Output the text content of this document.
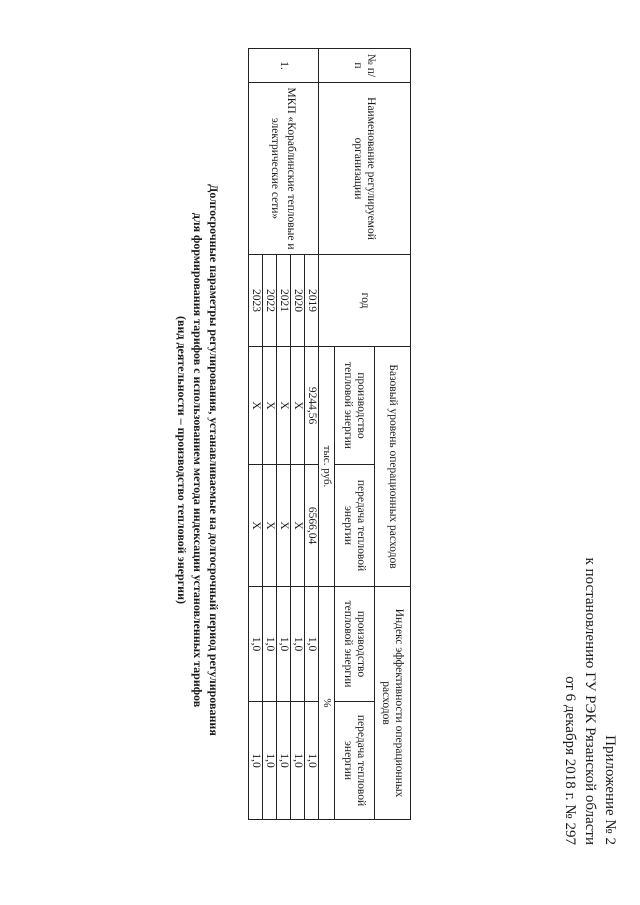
Приложение № 2
к постановлению ГУ РЭК Рязанской области
от 6 декабря 2018 г. № 297
Долгосрочные параметры регулирования, устанавливаемые на долгосрочный период регулирования
для формирования тарифов с использованием метода индексации установленных тарифов
(вид деятельности – производство тепловой энергии)
№ п/п	Наименование регулируемой организации	год	Базовый уровень операционных расходов		Индекс эффективности операционных расходов	
			производство тепловой энергии	передача тепловой энергии	производство тепловой энергии	передача тепловой энергии
			тыс. руб.		%	
1.	МКП «Кораблинские тепловые и электрические сети»	2019	9244,56	6566,04	1,0	1,0
		2020	X	X	1,0	1,0
		2021	X	X	1,0	1,0
		2022	X	X	1,0	1,0
		2023	X	X	1,0	1,0
